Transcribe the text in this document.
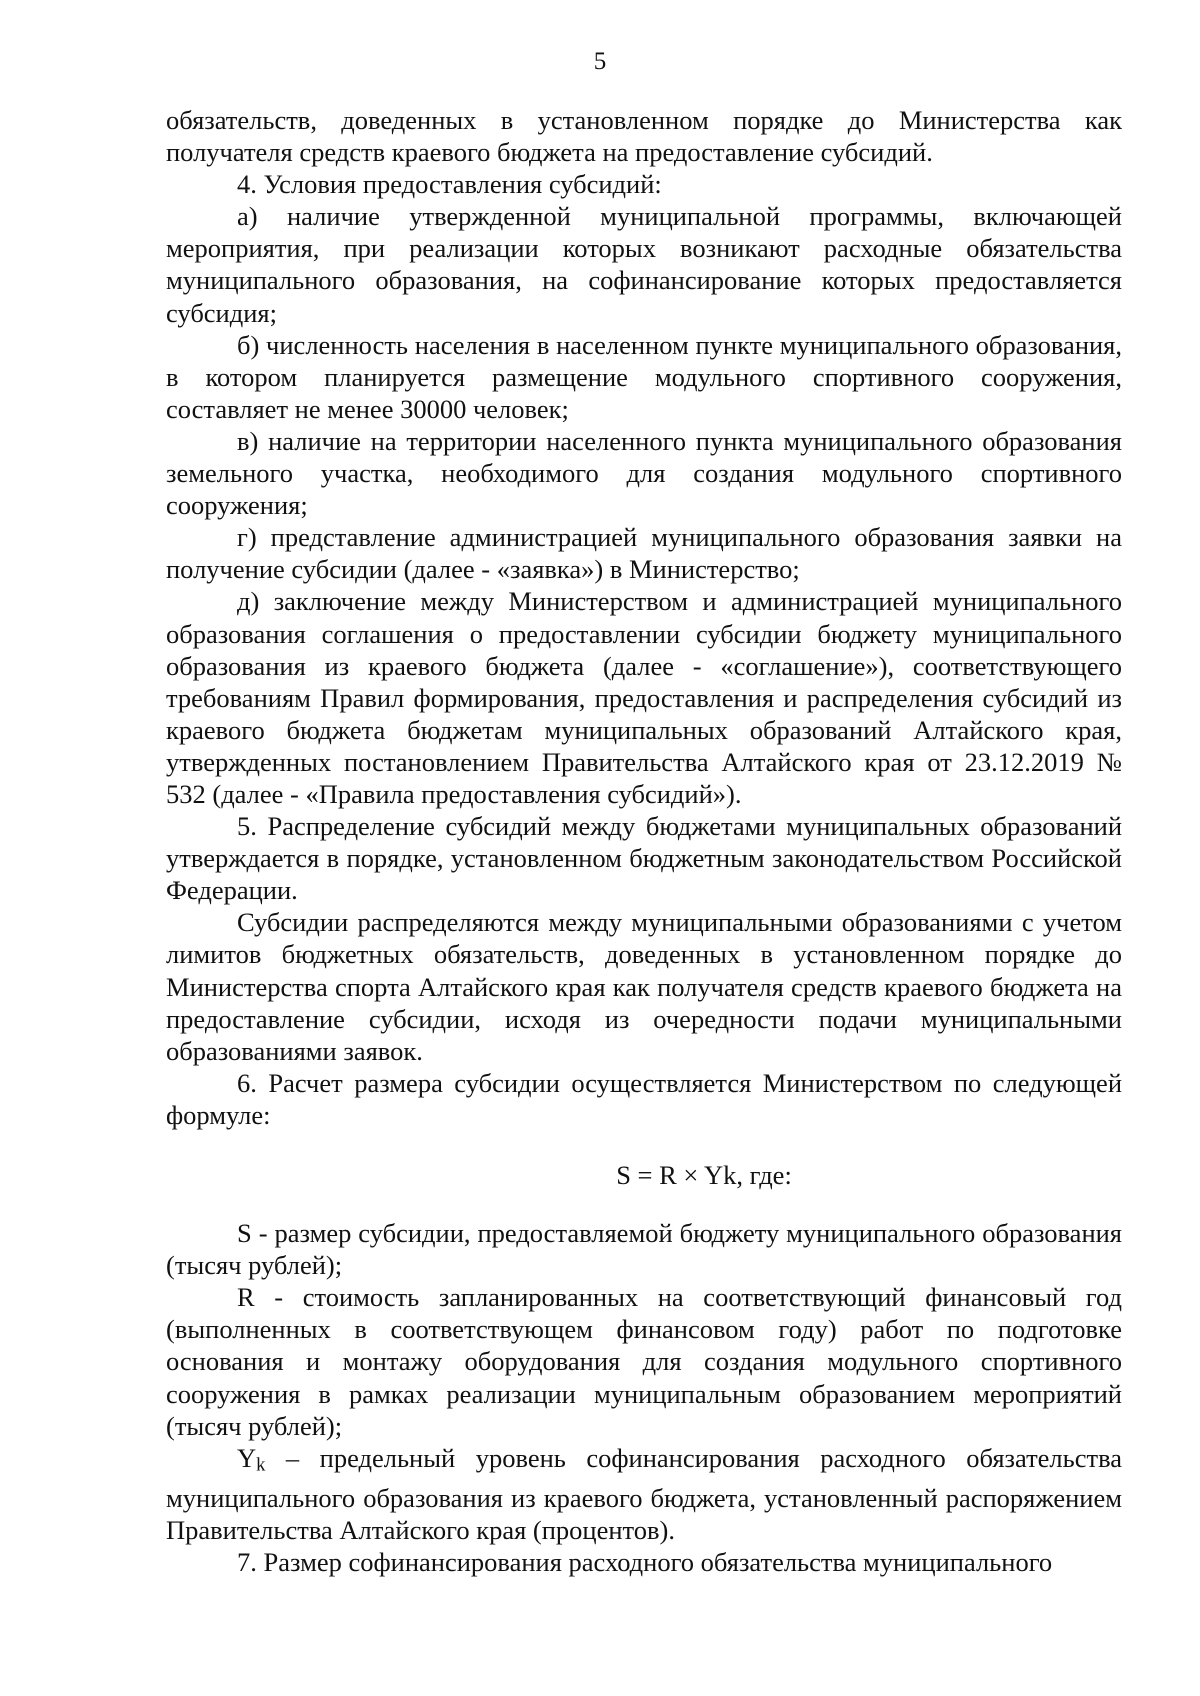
5

обязательств, доведенных в установленном порядке до Министерства как получателя средств краевого бюджета на предоставление субсидий.

4. Условия предоставления субсидий:

а) наличие утвержденной муниципальной программы, включающей мероприятия, при реализации которых возникают расходные обязательства муниципального образования, на софинансирование которых предоставляется субсидия;

б) численность населения в населенном пункте муниципального образования, в котором планируется размещение модульного спортивного сооружения, составляет не менее 30000 человек;

в) наличие на территории населенного пункта муниципального образования земельного участка, необходимого для создания модульного спортивного сооружения;

г) представление администрацией муниципального образования заявки на получение субсидии (далее - «заявка») в Министерство;

д) заключение между Министерством и администрацией муниципального образования соглашения о предоставлении субсидии бюджету муниципального образования из краевого бюджета (далее - «соглашение»), соответствующего требованиям Правил формирования, предоставления и распределения субсидий из краевого бюджета бюджетам муниципальных образований Алтайского края, утвержденных постановлением Правительства Алтайского края от 23.12.2019 № 532 (далее - «Правила предоставления субсидий»).

5. Распределение субсидий между бюджетами муниципальных образований утверждается в порядке, установленном бюджетным законодательством Российской Федерации.

Субсидии распределяются между муниципальными образованиями с учетом лимитов бюджетных обязательств, доведенных в установленном порядке до Министерства спорта Алтайского края как получателя средств краевого бюджета на предоставление субсидии, исходя из очередности подачи муниципальными образованиями заявок.

6. Расчет размера субсидии осуществляется Министерством по следующей формуле:

S = R × Yk, где:

S - размер субсидии, предоставляемой бюджету муниципального образования (тысяч рублей);

R - стоимость запланированных на соответствующий финансовый год (выполненных в соответствующем финансовом году) работ по подготовке основания и монтажу оборудования для создания модульного спортивного сооружения в рамках реализации муниципальным образованием мероприятий (тысяч рублей);

Yk – предельный уровень софинансирования расходного обязательства муниципального образования из краевого бюджета, установленный распоряжением Правительства Алтайского края (процентов).

7. Размер софинансирования расходного обязательства муниципального
